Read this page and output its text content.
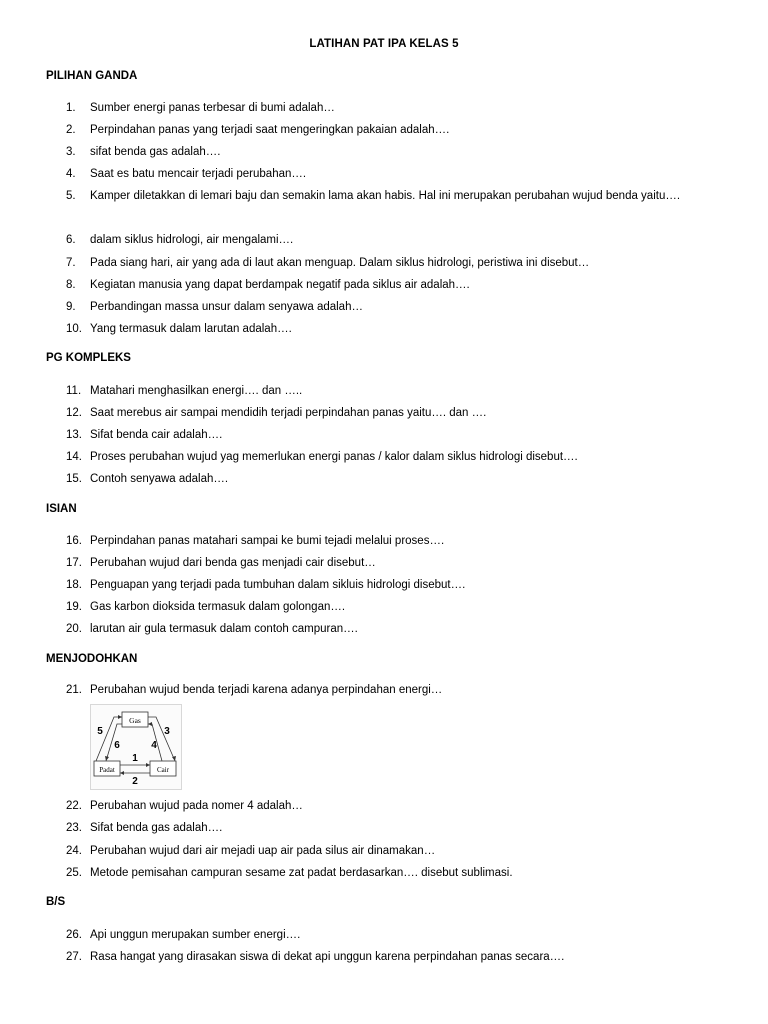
LATIHAN PAT IPA KELAS 5
PILIHAN GANDA
1. Sumber energi panas terbesar di bumi adalah…
2. Perpindahan panas yang terjadi saat mengeringkan pakaian adalah….
3. sifat benda gas adalah….
4. Saat es batu mencair terjadi perubahan….
5. Kamper diletakkan di lemari baju dan semakin lama akan habis. Hal ini merupakan perubahan wujud benda yaitu….
6. dalam siklus hidrologi, air mengalami….
7. Pada siang hari, air yang ada di laut akan menguap. Dalam siklus hidrologi, peristiwa ini disebut…
8. Kegiatan manusia yang dapat berdampak negatif pada siklus air adalah….
9. Perbandingan massa unsur dalam senyawa adalah…
10. Yang termasuk dalam larutan adalah….
PG KOMPLEKS
11. Matahari menghasilkan energi…. dan …..
12. Saat merebus air sampai mendidih terjadi perpindahan panas yaitu…. dan ….
13. Sifat benda cair adalah….
14. Proses perubahan wujud yag memerlukan energi panas / kalor dalam siklus hidrologi disebut….
15. Contoh senyawa adalah….
ISIAN
16. Perpindahan panas matahari sampai ke bumi tejadi melalui proses….
17. Perubahan wujud dari benda gas menjadi cair disebut…
18. Penguapan yang terjadi pada tumbuhan dalam sikluis hidrologi disebut….
19. Gas karbon dioksida termasuk dalam golongan….
20. larutan air gula termasuk dalam contoh campuran….
MENJODOHKAN
21. Perubahan wujud benda terjadi karena adanya perpindahan energi…
Gas
Padat	Cair
5
6
3
4
1
2
22. Perubahan wujud pada nomer 4 adalah…
23. Sifat benda gas adalah….
24. Perubahan wujud dari air mejadi uap air pada silus air dinamakan…
25. Metode pemisahan campuran sesame zat padat berdasarkan…. disebut sublimasi.
B/S
26. Api unggun merupakan sumber energi….
27. Rasa hangat yang dirasakan siswa di dekat api unggun karena perpindahan panas secara….
